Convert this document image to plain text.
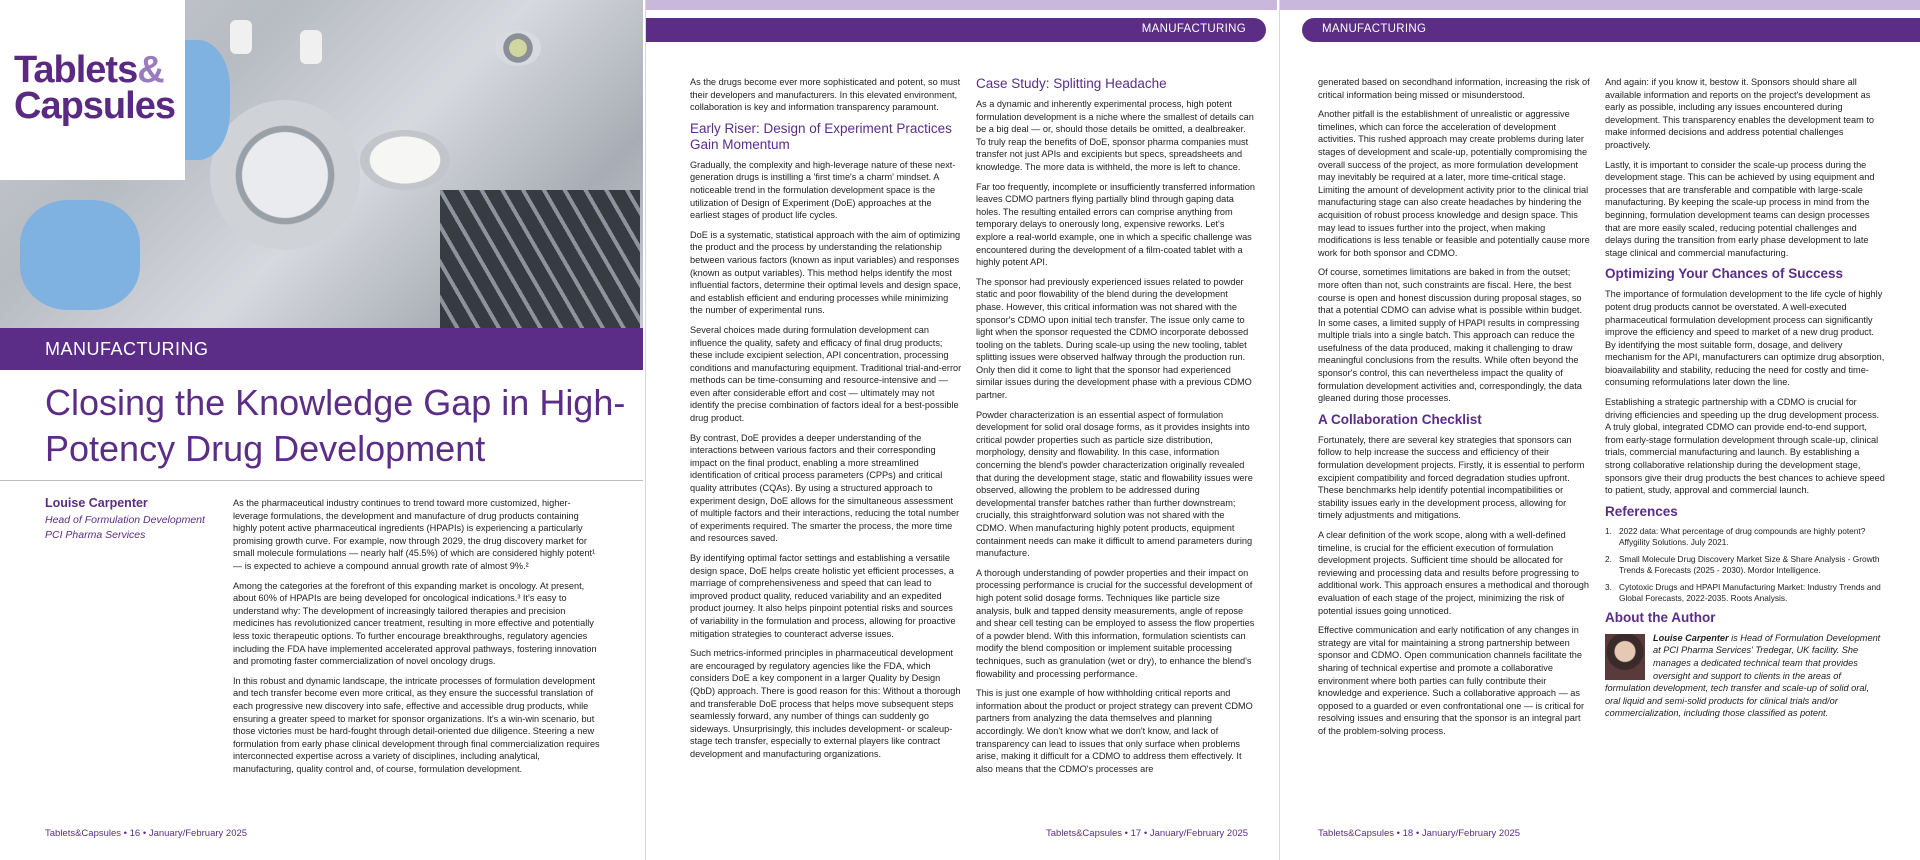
Tablets&
Capsules
MANUFACTURING
Closing the Knowledge Gap in High-Potency Drug Development
Louise Carpenter
Head of Formulation Development
PCI Pharma Services

As the pharmaceutical industry continues to trend toward more customized, higher-leverage formulations, the development and manufacture of drug products containing highly potent active pharmaceutical ingredients (HPAPIs) is experiencing a particularly promising growth curve. For example, now through 2029, the drug discovery market for small molecule formulations — nearly half (45.5%) of which are considered highly potent¹ — is expected to achieve a compound annual growth rate of almost 9%.²

Among the categories at the forefront of this expanding market is oncology. At present, about 60% of HPAPIs are being developed for oncological indications.³ It's easy to understand why: The development of increasingly tailored therapies and precision medicines has revolutionized cancer treatment, resulting in more effective and potentially less toxic therapeutic options. To further encourage breakthroughs, regulatory agencies including the FDA have implemented accelerated approval pathways, fostering innovation and promoting faster commercialization of novel oncology drugs.

In this robust and dynamic landscape, the intricate processes of formulation development and tech transfer become even more critical, as they ensure the successful translation of each progressive new discovery into safe, effective and accessible drug products, while ensuring a greater speed to market for sponsor organizations. It's a win-win scenario, but those victories must be hard-fought through detail-oriented due diligence. Steering a new formulation from early phase clinical development through final commercialization requires interconnected expertise across a variety of disciplines, including analytical, manufacturing, quality control and, of course, formulation development.

Tablets&Capsules • 16 • January/February 2025
MANUFACTURING

As the drugs become ever more sophisticated and potent, so must their developers and manufacturers. In this elevated environment, collaboration is key and information transparency paramount.

Early Riser: Design of Experiment Practices Gain Momentum

Gradually, the complexity and high-leverage nature of these next-generation drugs is instilling a 'first time's a charm' mindset. A noticeable trend in the formulation development space is the utilization of Design of Experiment (DoE) approaches at the earliest stages of product life cycles.

DoE is a systematic, statistical approach with the aim of optimizing the product and the process by understanding the relationship between various factors (known as input variables) and responses (known as output variables). This method helps identify the most influential factors, determine their optimal levels and design space, and establish efficient and enduring processes while minimizing the number of experimental runs.

Several choices made during formulation development can influence the quality, safety and efficacy of final drug products; these include excipient selection, API concentration, processing conditions and manufacturing equipment. Traditional trial-and-error methods can be time-consuming and resource-intensive and — even after considerable effort and cost — ultimately may not identify the precise combination of factors ideal for a best-possible drug product.

By contrast, DoE provides a deeper understanding of the interactions between various factors and their corresponding impact on the final product, enabling a more streamlined identification of critical process parameters (CPPs) and critical quality attributes (CQAs). By using a structured approach to experiment design, DoE allows for the simultaneous assessment of multiple factors and their interactions, reducing the total number of experiments required. The smarter the process, the more time and resources saved.

By identifying optimal factor settings and establishing a versatile design space, DoE helps create holistic yet efficient processes, a marriage of comprehensiveness and speed that can lead to improved product quality, reduced variability and an expedited product journey. It also helps pinpoint potential risks and sources of variability in the formulation and process, allowing for proactive mitigation strategies to counteract adverse issues.

Such metrics-informed principles in pharmaceutical development are encouraged by regulatory agencies like the FDA, which considers DoE a key component in a larger Quality by Design (QbD) approach. There is good reason for this: Without a thorough and transferable DoE process that helps move subsequent steps seamlessly forward, any number of things can suddenly go sideways. Unsurprisingly, this includes development- or scaleup-stage tech transfer, especially to external players like contract development and manufacturing organizations.

Case Study: Splitting Headache

As a dynamic and inherently experimental process, high potent formulation development is a niche where the smallest of details can be a big deal — or, should those details be omitted, a dealbreaker. To truly reap the benefits of DoE, sponsor pharma companies must transfer not just APIs and excipients but specs, spreadsheets and knowledge. The more data is withheld, the more is left to chance.

Far too frequently, incomplete or insufficiently transferred information leaves CDMO partners flying partially blind through gaping data holes. The resulting entailed errors can comprise anything from temporary delays to onerously long, expensive reworks. Let's explore a real-world example, one in which a specific challenge was encountered during the development of a film-coated tablet with a highly potent API.

The sponsor had previously experienced issues related to powder static and poor flowability of the blend during the development phase. However, this critical information was not shared with the sponsor's CDMO upon initial tech transfer. The issue only came to light when the sponsor requested the CDMO incorporate debossed tooling on the tablets. During scale-up using the new tooling, tablet splitting issues were observed halfway through the production run. Only then did it come to light that the sponsor had experienced similar issues during the development phase with a previous CDMO partner.

Powder characterization is an essential aspect of formulation development for solid oral dosage forms, as it provides insights into critical powder properties such as particle size distribution, morphology, density and flowability. In this case, information concerning the blend's powder characterization originally revealed that during the development stage, static and flowability issues were observed, allowing the problem to be addressed during developmental transfer batches rather than further downstream; crucially, this straightforward solution was not shared with the CDMO. When manufacturing highly potent products, equipment containment needs can make it difficult to amend parameters during manufacture.

A thorough understanding of powder properties and their impact on processing performance is crucial for the successful development of high potent solid dosage forms. Techniques like particle size analysis, bulk and tapped density measurements, angle of repose and shear cell testing can be employed to assess the flow properties of a powder blend. With this information, formulation scientists can modify the blend composition or implement suitable processing techniques, such as granulation (wet or dry), to enhance the blend's flowability and processing performance.

This is just one example of how withholding critical reports and information about the product or project strategy can prevent CDMO partners from analyzing the data themselves and planning accordingly. We don't know what we don't know, and lack of transparency can lead to issues that only surface when problems arise, making it difficult for a CDMO to address them effectively. It also means that the CDMO's processes are

Tablets&Capsules • 17 • January/February 2025
MANUFACTURING

generated based on secondhand information, increasing the risk of critical information being missed or misunderstood.

Another pitfall is the establishment of unrealistic or aggressive timelines, which can force the acceleration of development activities. This rushed approach may create problems during later stages of development and scale-up, potentially compromising the overall success of the project, as more formulation development may inevitably be required at a later, more time-critical stage. Limiting the amount of development activity prior to the clinical trial manufacturing stage can also create headaches by hindering the acquisition of robust process knowledge and design space. This may lead to issues further into the project, when making modifications is less tenable or feasible and potentially cause more work for both sponsor and CDMO.

Of course, sometimes limitations are baked in from the outset; more often than not, such constraints are fiscal. Here, the best course is open and honest discussion during proposal stages, so that a potential CDMO can advise what is possible within budget. In some cases, a limited supply of HPAPI results in compressing multiple trials into a single batch. This approach can reduce the usefulness of the data produced, making it challenging to draw meaningful conclusions from the results. While often beyond the sponsor's control, this can nevertheless impact the quality of formulation development activities and, correspondingly, the data gleaned during those processes.

A Collaboration Checklist

Fortunately, there are several key strategies that sponsors can follow to help increase the success and efficiency of their formulation development projects. Firstly, it is essential to perform excipient compatibility and forced degradation studies upfront. These benchmarks help identify potential incompatibilities or stability issues early in the development process, allowing for timely adjustments and mitigations.

A clear definition of the work scope, along with a well-defined timeline, is crucial for the efficient execution of formulation development projects. Sufficient time should be allocated for reviewing and processing data and results before progressing to additional work. This approach ensures a methodical and thorough evaluation of each stage of the project, minimizing the risk of potential issues going unnoticed.

Effective communication and early notification of any changes in strategy are vital for maintaining a strong partnership between sponsor and CDMO. Open communication channels facilitate the sharing of technical expertise and promote a collaborative environment where both parties can fully contribute their knowledge and experience. Such a collaborative approach — as opposed to a guarded or even confrontational one — is critical for resolving issues and ensuring that the sponsor is an integral part of the problem-solving process.

And again: if you know it, bestow it. Sponsors should share all available information and reports on the project's development as early as possible, including any issues encountered during development. This transparency enables the development team to make informed decisions and address potential challenges proactively.

Lastly, it is important to consider the scale-up process during the development stage. This can be achieved by using equipment and processes that are transferable and compatible with large-scale manufacturing. By keeping the scale-up process in mind from the beginning, formulation development teams can design processes that are more easily scaled, reducing potential challenges and delays during the transition from early phase development to late stage clinical and commercial manufacturing.

Optimizing Your Chances of Success

The importance of formulation development to the life cycle of highly potent drug products cannot be overstated. A well-executed pharmaceutical formulation development process can significantly improve the efficiency and speed to market of a new drug product. By identifying the most suitable form, dosage, and delivery mechanism for the API, manufacturers can optimize drug absorption, bioavailability and stability, reducing the need for costly and time-consuming reformulations later down the line.

Establishing a strategic partnership with a CDMO is crucial for driving efficiencies and speeding up the drug development process. A truly global, integrated CDMO can provide end-to-end support, from early-stage formulation development through scale-up, clinical trials, commercial manufacturing and launch. By establishing a strong collaborative relationship during the development stage, sponsors give their drug products the best chances to achieve speed to patient, study, approval and commercial launch.

References
1. 2022 data: What percentage of drug compounds are highly potent? Affygility Solutions. July 2021.
2. Small Molecule Drug Discovery Market Size & Share Analysis - Growth Trends & Forecasts (2025 - 2030). Mordor Intelligence.
3. Cytotoxic Drugs and HPAPI Manufacturing Market: Industry Trends and Global Forecasts, 2022-2035. Roots Analysis.
About the Author
Louise Carpenter is Head of Formulation Development at PCI Pharma Services' Tredegar, UK facility. She manages a dedicated technical team that provides oversight and support to clients in the areas of formulation development, tech transfer and scale-up of solid oral, oral liquid and semi-solid products for clinical trials and/or commercialization, including those classified as potent.
Tablets&Capsules • 18 • January/February 2025
